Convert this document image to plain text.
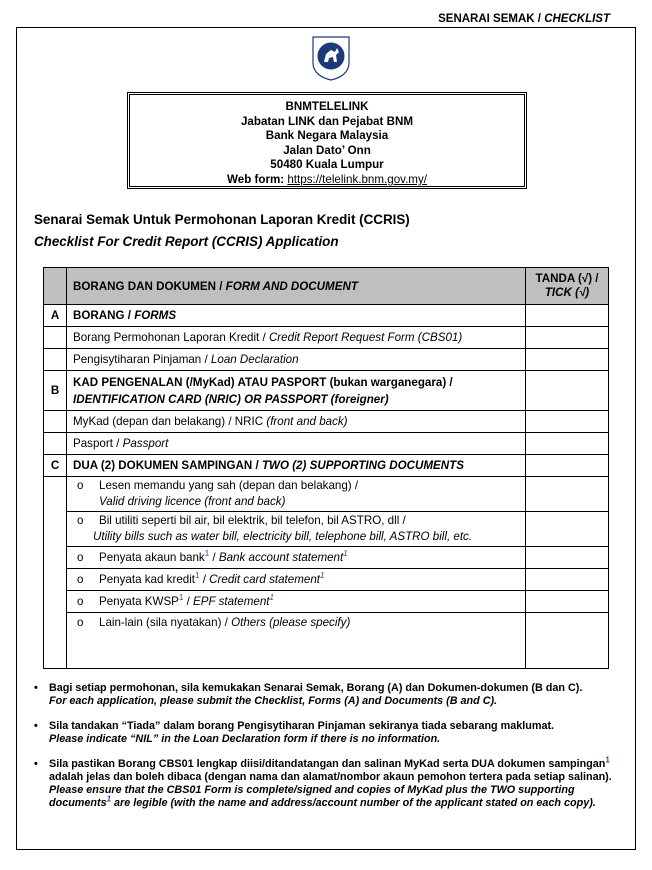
SENARAI SEMAK / CHECKLIST
BNMTELELINK
Jabatan LINK dan Pejabat BNM
Bank Negara Malaysia
Jalan Dato’ Onn
50480 Kuala Lumpur
Web form: https://telelink.bnm.gov.my/
Senarai Semak Untuk Permohonan Laporan Kredit (CCRIS)
Checklist For Credit Report (CCRIS) Application
	BORANG DAN DOKUMEN / FORM AND DOCUMENT	TANDA (√) /
TICK (√)

A	BORANG / FORMS	
	Borang Permohonan Laporan Kredit / Credit Report Request Form (CBS01)	
	Pengisytiharan Pinjaman / Loan Declaration	
B	KAD PENGENALAN (/MyKad) ATAU PASPORT (bukan warganegara) /
IDENTIFICATION CARD (NRIC) OR PASSPORT (foreigner)	

	MyKad (depan dan belakang) / NRIC (front and back)	
	Pasport / Passport	
C	DUA (2) DOKUMEN SAMPINGAN / TWO (2) SUPPORTING DOCUMENTS	

	o Lesen memandu yang sah (depan dan belakang) /
Valid driving licence (front and back)	

	o Bil utiliti seperti bil air, bil elektrik, bil telefon, bil ASTRO, dll /
Utility bills such as water bill, electricity bill, telephone bill, ASTRO bill, etc.	

	o Penyata akaun bank$^1$ / Bank account statement$^1$	
	o Penyata kad kredit$^1$ / Credit card statement$^1$	
	o Penyata KWSP$^1$ / EPF statement$^1$	
	o Lain-lain (sila nyatakan) / Others (please specify)	
• Bagi setiap permohonan, sila kemukakan Senarai Semak, Borang (A) dan Dokumen-dokumen (B dan C).
For each application, please submit the Checklist, Forms (A) and Documents (B and C).
• Sila tandakan “Tiada” dalam borang Pengisytiharan Pinjaman sekiranya tiada sebarang maklumat.
Please indicate “NIL” in the Loan Declaration form if there is no information.
• Sila pastikan Borang CBS01 lengkap diisi/ditandatangan dan salinan MyKad serta DUA dokumen sampingan$^1$ adalah jelas dan boleh dibaca (dengan nama dan alamat/nombor akaun pemohon tertera pada setiap salinan).
Please ensure that the CBS01 Form is complete/signed and copies of MyKad plus the TWO supporting documents$^1$ are legible (with the name and address/account number of the applicant stated on each copy).
